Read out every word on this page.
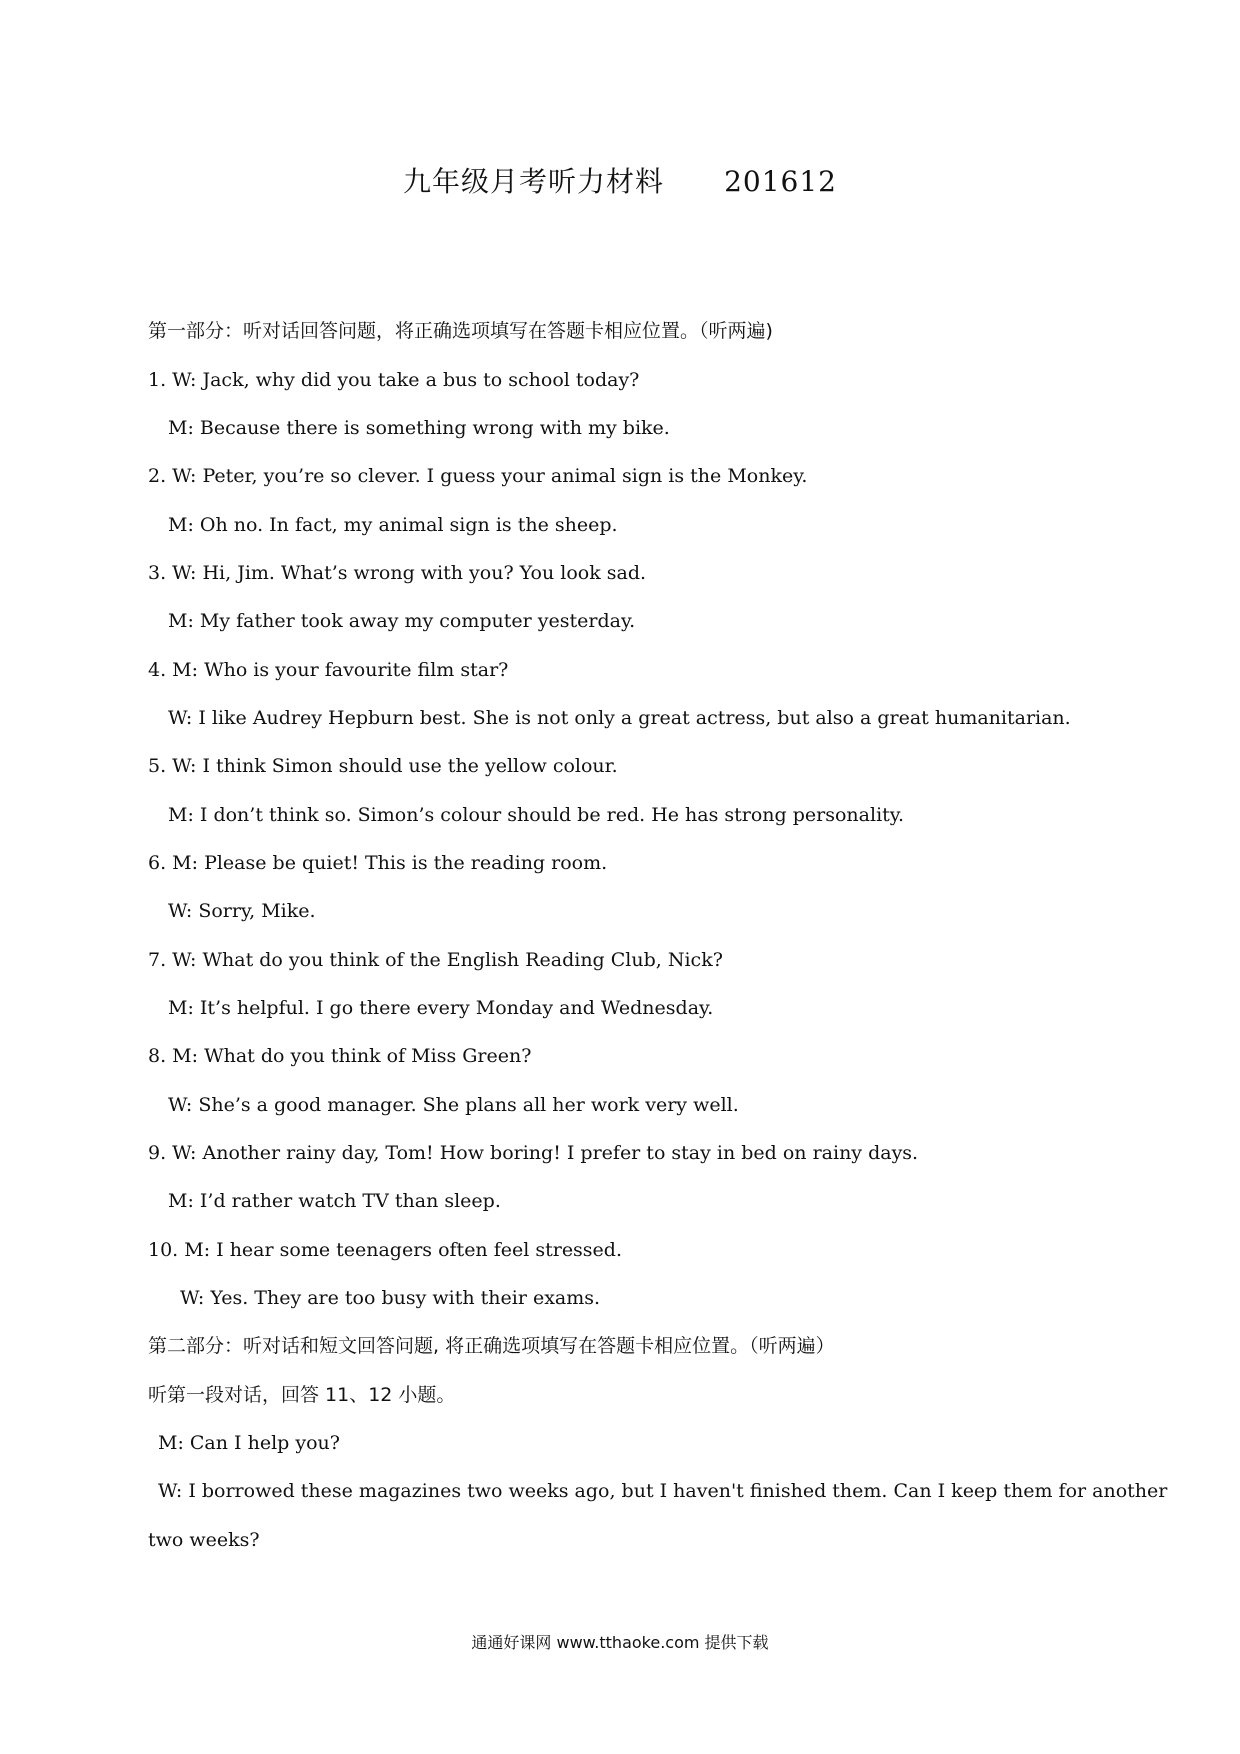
九年级月考听力材料 201612
第一部分：听对话回答问题，将正确选项填写在答题卡相应位置。（听两遍)
1. W: Jack, why did you take a bus to school today?
M: Because there is something wrong with my bike.
2. W: Peter, you’re so clever. I guess your animal sign is the Monkey.
M: Oh no. In fact, my animal sign is the sheep.
3. W: Hi, Jim. What’s wrong with you? You look sad.
M: My father took away my computer yesterday.
4. M: Who is your favourite film star?
W: I like Audrey Hepburn best. She is not only a great actress, but also a great humanitarian.
5. W: I think Simon should use the yellow colour.
M: I don’t think so. Simon’s colour should be red. He has strong personality.
6. M: Please be quiet! This is the reading room.
W: Sorry, Mike.
7. W: What do you think of the English Reading Club, Nick?
M: It’s helpful. I go there every Monday and Wednesday.
8. M: What do you think of Miss Green?
W: She’s a good manager. She plans all her work very well.
9. W: Another rainy day, Tom! How boring! I prefer to stay in bed on rainy days.
M: I’d rather watch TV than sleep.
10. M: I hear some teenagers often feel stressed.
W: Yes. They are too busy with their exams.
第二部分：听对话和短文回答问题, 将正确选项填写在答题卡相应位置。（听两遍）
听第一段对话，回答 11、12 小题。
M: Can I help you?
W: I borrowed these magazines two weeks ago, but I haven't finished them. Can I keep them for another
two weeks?
通通好课网 www.tthaoke.com 提供下载
